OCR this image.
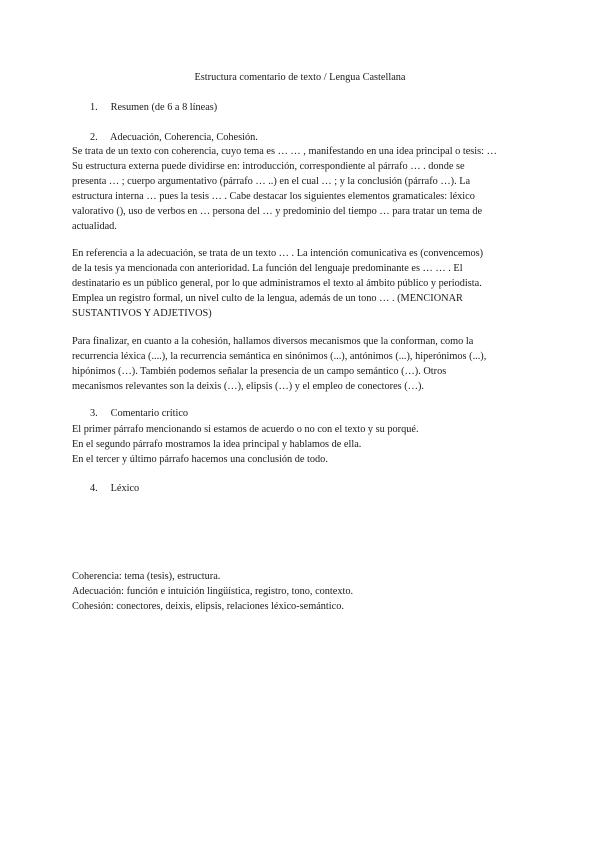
Estructura comentario de texto / Lengua Castellana
1. Resumen (de 6 a 8 líneas)
2. Adecuación, Coherencia, Cohesión.
Se trata de un texto con coherencia, cuyo tema es … … , manifestando en una idea principal o tesis: …
Su estructura externa puede dividirse en: introducción, correspondiente al párrafo … . donde se
presenta … ; cuerpo argumentativo (párrafo … ..) en el cual … ; y la conclusión (párrafo …). La
estructura interna … pues la tesis … . Cabe destacar los siguientes elementos gramaticales: léxico
valorativo (), uso de verbos en … persona del … y predominio del tiempo … para tratar un tema de
actualidad.
En referencia a la adecuación, se trata de un texto … . La intención comunicativa es (convencemos)
de la tesis ya mencionada con anterioridad. La función del lenguaje predominante es … … . El
destinatario es un público general, por lo que administramos el texto al ámbito público y periodista.
Emplea un registro formal, un nivel culto de la lengua, además de un tono … . (MENCIONAR
SUSTANTIVOS Y ADJETIVOS)
Para finalizar, en cuanto a la cohesión, hallamos diversos mecanismos que la conforman, como la
recurrencia léxica (....), la recurrencia semántica en sinónimos (...), antónimos (...), hiperónimos (...),
hipónimos (…). También podemos señalar la presencia de un campo semántico (…). Otros
mecanismos relevantes son la deixis (…), elipsis (…) y el empleo de conectores (…).
3. Comentario crítico
El primer párrafo mencionando si estamos de acuerdo o no con el texto y su porqué.
En el segundo párrafo mostramos la idea principal y hablamos de ella.
En el tercer y último párrafo hacemos una conclusión de todo.
4. Léxico
Coherencia: tema (tesis), estructura.
Adecuación: función e intuición lingüística, registro, tono, contexto.
Cohesión: conectores, deixis, elipsis, relaciones léxico-semántico.
